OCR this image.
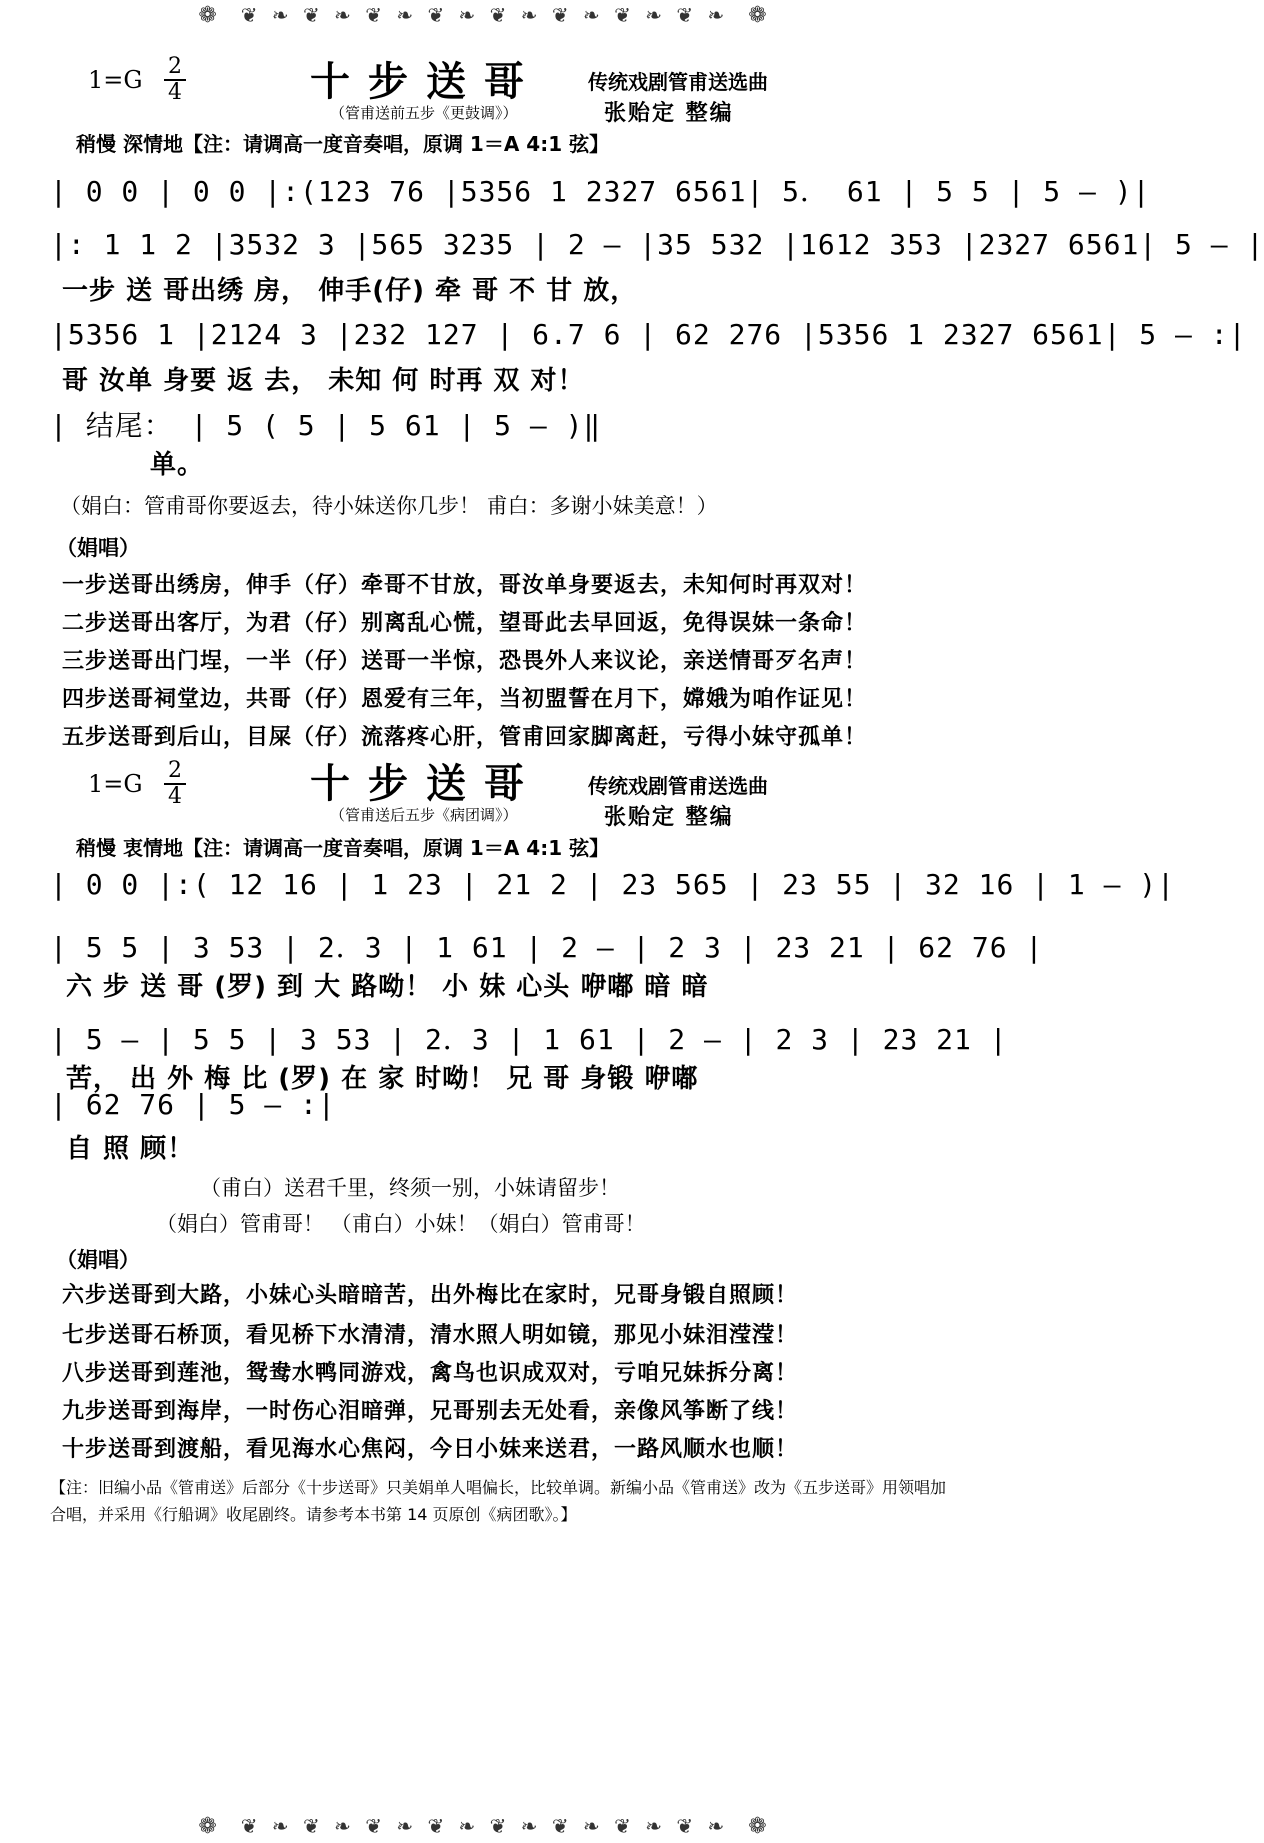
❁ ❦ ❧ ❦ ❧ ❦ ❧ ❦ ❧ ❦ ❧ ❦ ❧ ❦ ❧ ❦ ❧ ❁
1=G 2
4	十步送哥
（管甫送前五步《更鼓调》）
传统戏剧管甫送选曲
张贻定 整编
稍慢 深情地【注：请调高一度音奏唱，原调 1＝A 4:1 弦】
| 0 0 | 0 0 |:(123 76 |5356 1 2327 6561| 5． 61 | 5 5 | 5 — )|
|: 1 1 2 |3532 3 |565 3235 | 2 — |35 532 |1612 353 |2327 6561| 5 — |
一步 送 哥出绣 房， 伸手(仔) 牵 哥 不 甘 放，
|5356 1 |2124 3 |232 127 | 6.7 6 | 62 276 |5356 1 2327 6561| 5 — :|
哥 汝单 身要 返 去， 未知 何 时再 双 对！
| 结尾： | 5 ( 5 | 5 61 | 5 — )‖
单。
（娟白：管甫哥你要返去，待小妹送你几步！ 甫白：多谢小妹美意！）
（娟唱）
一步送哥出绣房，伸手（仔）牵哥不甘放，哥汝单身要返去，未知何时再双对！
二步送哥出客厅，为君（仔）别离乱心慌，望哥此去早回返，免得误妹一条命！
三步送哥出门埕，一半（仔）送哥一半惊，恐畏外人来议论，亲送情哥歹名声！
四步送哥祠堂边，共哥（仔）恩爱有三年，当初盟誓在月下，嫦娥为咱作证见！
五步送哥到后山，目屎（仔）流落疼心肝，管甫回家脚离赶，亏得小妹守孤单！
1=G 2
4	十步送哥
（管甫送后五步《病团调》）
传统戏剧管甫送选曲
张贻定 整编
稍慢 衷情地【注：请调高一度音奏唱，原调 1＝A 4:1 弦】
| 0 0 |:( 12 16 | 1 23 | 21 2 | 23 565 | 23 55 | 32 16 | 1 — )|
| 5 5 | 3 53 | 2．3 | 1 61 | 2 — | 2 3 | 23 21 | 62 76 |
六 步 送 哥 (罗) 到 大 路呦！ 小 妹 心头 咿嘟 暗 暗
| 5 — | 5 5 | 3 53 | 2．3 | 1 61 | 2 — | 2 3 | 23 21 |
苦， 出 外 梅 比 (罗) 在 家 时呦！ 兄 哥 身锻 咿嘟
| 62 76 | 5 — :|
自 照 顾！
（甫白）送君千里，终须一别，小妹请留步！
（娟白）管甫哥！ （甫白）小妹！（娟白）管甫哥！
（娟唱）
六步送哥到大路，小妹心头暗暗苦，出外梅比在家时，兄哥身锻自照顾！
七步送哥石桥顶，看见桥下水清清，清水照人明如镜，那见小妹泪滢滢！
八步送哥到莲池，鸳鸯水鸭同游戏，禽鸟也识成双对，亏咱兄妹拆分离！
九步送哥到海岸，一时伤心泪暗弹，兄哥别去无处看，亲像风筝断了线！
十步送哥到渡船，看见海水心焦闷，今日小妹来送君，一路风顺水也顺！
【注：旧编小品《管甫送》后部分《十步送哥》只美娟单人唱偏长，比较单调。新编小品《管甫送》改为《五步送哥》用领唱加合唱，并采用《行船调》收尾剧终。请参考本书第 14 页原创《病团歌》。】
❁ ❦ ❧ ❦ ❧ ❦ ❧ ❦ ❧ ❦ ❧ ❦ ❧ ❦ ❧ ❦ ❧ ❁
